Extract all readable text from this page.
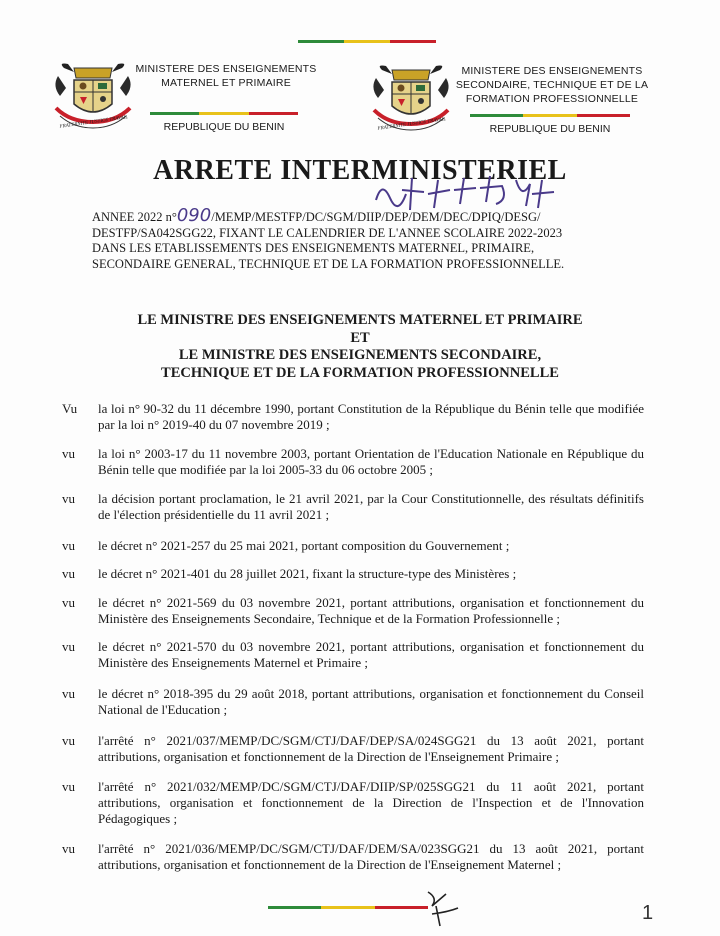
FRATERNITE JUSTICE TRAVAIL
MINISTERE DES ENSEIGNEMENTS
MATERNEL ET PRIMAIRE
REPUBLIQUE DU BENIN	FRATERNITE JUSTICE TRAVAIL
MINISTERE DES ENSEIGNEMENTS
SECONDAIRE, TECHNIQUE ET DE LA
FORMATION PROFESSIONNELLE
REPUBLIQUE DU BENIN
ARRETE INTERMINISTERIEL
ANNEE 2022 n°090/MEMP/MESTFP/DC/SGM/DIIP/DEP/DEM/DEC/DPIQ/DESG/
DESTFP/SA042SGG22, FIXANT LE CALENDRIER DE L'ANNEE SCOLAIRE 2022-2023
DANS LES ETABLISSEMENTS DES ENSEIGNEMENTS MATERNEL, PRIMAIRE,
SECONDAIRE GENERAL, TECHNIQUE ET DE LA FORMATION PROFESSIONNELLE.
LE MINISTRE DES ENSEIGNEMENTS MATERNEL ET PRIMAIRE
ET
LE MINISTRE DES ENSEIGNEMENTS SECONDAIRE,
TECHNIQUE ET DE LA FORMATION PROFESSIONNELLE
Vu la loi n° 90-32 du 11 décembre 1990, portant Constitution de la République du Bénin telle que modifiée par la loi n° 2019-40 du 07 novembre 2019 ;
vu la loi n° 2003-17 du 11 novembre 2003, portant Orientation de l'Education Nationale en République du Bénin telle que modifiée par la loi 2005-33 du 06 octobre 2005 ;
vu la décision portant proclamation, le 21 avril 2021, par la Cour Constitutionnelle, des résultats définitifs de l'élection présidentielle du 11 avril 2021 ;
vu le décret n° 2021-257 du 25 mai 2021, portant composition du Gouvernement ;
vu le décret n° 2021-401 du 28 juillet 2021, fixant la structure-type des Ministères ;
vu le décret n° 2021-569 du 03 novembre 2021, portant attributions, organisation et fonctionnement du Ministère des Enseignements Secondaire, Technique et de la Formation Professionnelle ;
vu le décret n° 2021-570 du 03 novembre 2021, portant attributions, organisation et fonctionnement du Ministère des Enseignements Maternel et Primaire ;
vu le décret n° 2018-395 du 29 août 2018, portant attributions, organisation et fonctionnement du Conseil National de l'Education ;
vu l'arrêté n° 2021/037/MEMP/DC/SGM/CTJ/DAF/DEP/SA/024SGG21 du 13 août 2021, portant attributions, organisation et fonctionnement de la Direction de l'Enseignement Primaire ;
vu l'arrêté n° 2021/032/MEMP/DC/SGM/CTJ/DAF/DIIP/SP/025SGG21 du 11 août 2021, portant attributions, organisation et fonctionnement de la Direction de l'Inspection et de l'Innovation Pédagogiques ;
vu l'arrêté n° 2021/036/MEMP/DC/SGM/CTJ/DAF/DEM/SA/023SGG21 du 13 août 2021, portant attributions, organisation et fonctionnement de la Direction de l'Enseignement Maternel ;
1
